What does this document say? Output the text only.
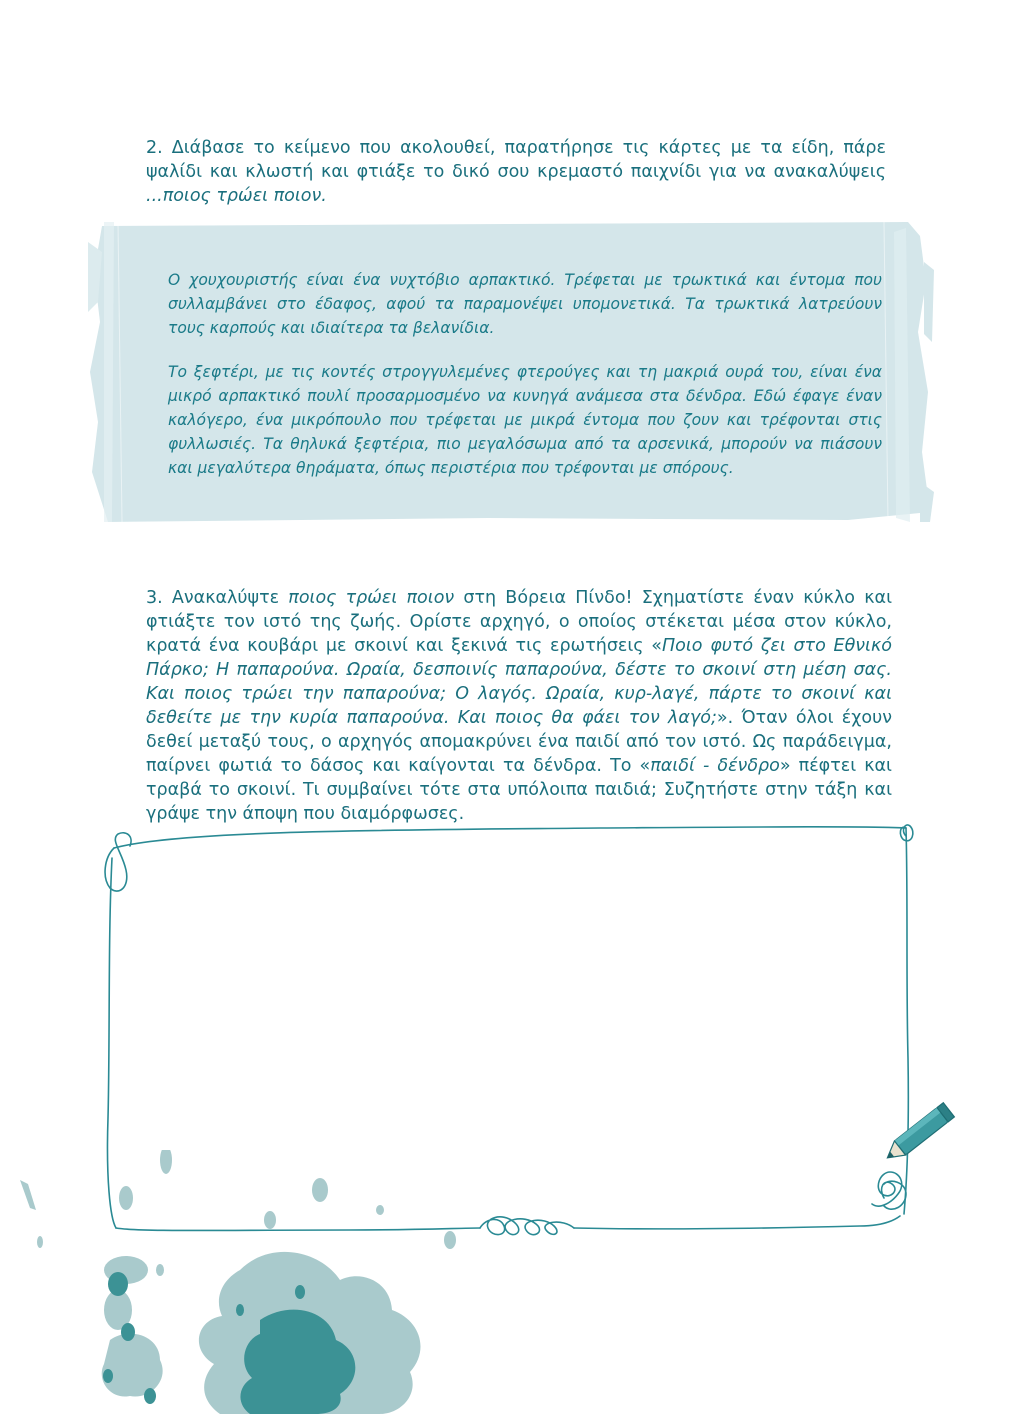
2. Διάβασε το κείμενο που ακολουθεί, παρατήρησε τις κάρτες με τα είδη, πάρε ψαλίδι και κλωστή και φτιάξε το δικό σου κρεμαστό παιχνίδι για να ανακαλύψεις ...ποιος τρώει ποιον.

Ο χουχουριστής είναι ένα νυχτόβιο αρπακτικό. Τρέφεται με τρωκτικά και έντομα που συλλαμβάνει στο έδαφος, αφού τα παραμονέψει υπομονετικά. Τα τρωκτικά λατρεύουν τους καρπούς και ιδιαίτερα τα βελανίδια.

Το ξεφτέρι, με τις κοντές στρογγυλεμένες φτερούγες και τη μακριά ουρά του, είναι ένα μικρό αρπακτικό πουλί προσαρμοσμένο να κυνηγά ανάμεσα στα δένδρα. Εδώ έφαγε έναν καλόγερο, ένα μικρόπουλο που τρέφεται με μικρά έντομα που ζουν και τρέφονται στις φυλλωσιές. Τα θηλυκά ξεφτέρια, πιο μεγαλόσωμα από τα αρσενικά, μπορούν να πιάσουν και μεγαλύτερα θηράματα, όπως περιστέρια που τρέφονται με σπόρους.

3. Ανακαλύψτε ποιος τρώει ποιον στη Βόρεια Πίνδο! Σχηματίστε έναν κύκλο και φτιάξτε τον ιστό της ζωής. Ορίστε αρχηγό, ο οποίος στέκεται μέσα στον κύκλο, κρατά ένα κουβάρι με σκοινί και ξεκινά τις ερωτήσεις «Ποιο φυτό ζει στο Εθνικό Πάρκο; Η παπαρούνα. Ωραία, δεσποινίς παπαρούνα, δέστε το σκοινί στη μέση σας. Και ποιος τρώει την παπαρούνα; Ο λαγός. Ωραία, κυρ-λαγέ, πάρτε το σκοινί και δεθείτε με την κυρία παπαρούνα. Και ποιος θα φάει τον λαγό;». Όταν όλοι έχουν δεθεί μεταξύ τους, ο αρχηγός απομακρύνει ένα παιδί από τον ιστό. Ως παράδειγμα, παίρνει φωτιά το δάσος και καίγονται τα δένδρα. Το «παιδί - δένδρο» πέφτει και τραβά το σκοινί. Τι συμβαίνει τότε στα υπόλοιπα παιδιά; Συζητήστε στην τάξη και γράψε την άποψη που διαμόρφωσες.
